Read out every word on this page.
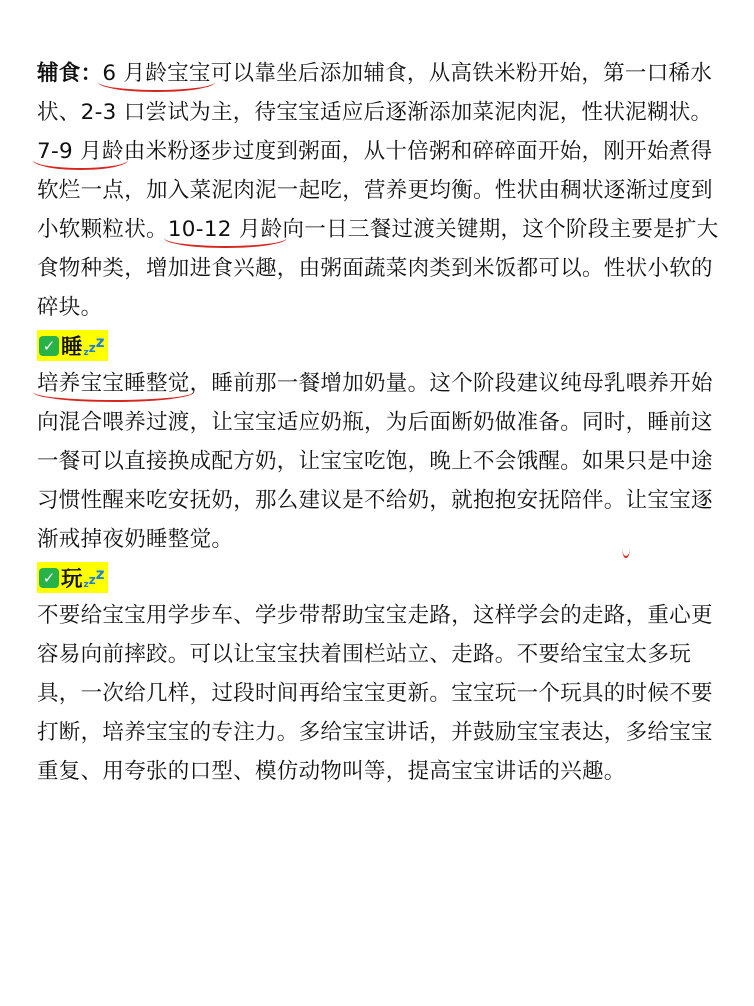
辅食：6 月龄宝宝可以靠坐后添加辅食，从高铁米粉开始，第一口稀水状、2-3 口尝试为主，待宝宝适应后逐渐添加菜泥肉泥，性状泥糊状。7-9 月龄由米粉逐步过度到粥面，从十倍粥和碎碎面开始，刚开始煮得软烂一点，加入菜泥肉泥一起吃，营养更均衡。性状由稠状逐渐过度到小软颗粒状。10-12 月龄向一日三餐过渡关键期，这个阶段主要是扩大食物种类，增加进食兴趣，由粥面蔬菜肉类到米饭都可以。性状小软的碎块。

✓ 睡 z z z

培养宝宝睡整觉，睡前那一餐增加奶量。这个阶段建议纯母乳喂养开始向混合喂养过渡，让宝宝适应奶瓶，为后面断奶做准备。同时，睡前这一餐可以直接换成配方奶，让宝宝吃饱，晚上不会饿醒。如果只是中途习惯性醒来吃安抚奶，那么建议是不给奶，就抱抱安抚陪伴。让宝宝逐渐戒掉夜奶睡整觉。

✓ 玩 z z z

不要给宝宝用学步车、学步带帮助宝宝走路，这样学会的走路，重心更容易向前摔跤。可以让宝宝扶着围栏站立、走路。不要给宝宝太多玩具，一次给几样，过段时间再给宝宝更新。宝宝玩一个玩具的时候不要打断，培养宝宝的专注力。多给宝宝讲话，并鼓励宝宝表达，多给宝宝重复、用夸张的口型、模仿动物叫等，提高宝宝讲话的兴趣。
